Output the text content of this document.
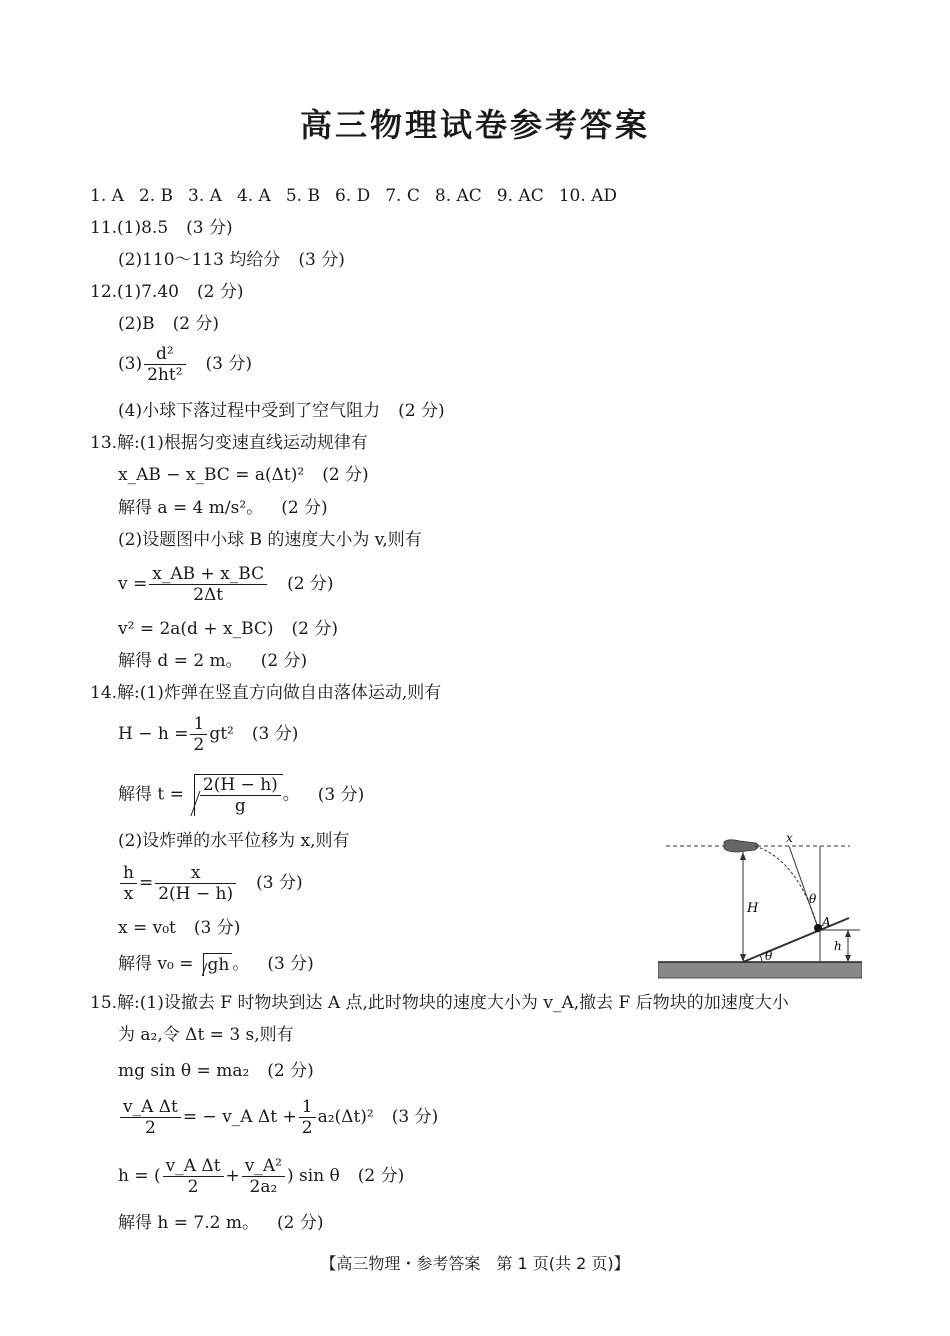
高三物理试卷参考答案
1. A 2. B 3. A 4. A 5. B 6. D 7. C 8. AC 9. AC 10. AD
11.(1)8.5 (3 分)
(2)110～113 均给分 (3 分)
12.(1)7.40 (2 分)
(2)B (2 分)
$(3) \frac{\text{d²}}{\text{2ht²}} (3$ 分)
(4)小球下落过程中受到了空气阻力 (2 分)
13.解:(1)根据匀变速直线运动规律有
x_AB − x_BC = a(Δt)² (2 分)
解得 a = 4 m/s²。 (2 分)
(2)设题图中小球 B 的速度大小为 v,则有
$v = \frac{x\_AB + x\_BC}{2\Delta t} (2$ 分)
v² = 2a(d + x_BC) (2 分)
解得 d = 2 m。 (2 分)
14.解:(1)炸弹在竖直方向做自由落体运动,则有
$H - h = \frac{1}{2} gt^2$ (3 分)
解得 $t = \frac{2(H - h)}{g}$ 。 (3 分)
(2)设炸弹的水平位移为 x,则有
$\frac{h}{x} = \frac{x}{2(H - h)} (3$ 分)
x = v₀t (3 分)
解得 v₀ = gh 。 (3 分)
x
H
θ
A
h
θ
15.解:(1)设撤去 F 时物块到达 A 点,此时物块的速度大小为 v_A,撤去 F 后物块的加速度大小
为 a₂,令 Δt = 3 s,则有
mg sin θ = ma₂ (2 分)
$\frac{\text{v\_A Δt}}{2}$ = − v_A $\Delta t + \frac{1}{2} a_2(\Delta t)^2$ (3 分)
h = ( $\frac{\text{v\_A Δt}}{2} + \frac{\text{v\_A²}}{\text{2a₂}}$ ) sin θ (2 分)
解得 h = 7.2 m。 (2 分)
【高三物理・参考答案　第 1 页(共 2 页)】
